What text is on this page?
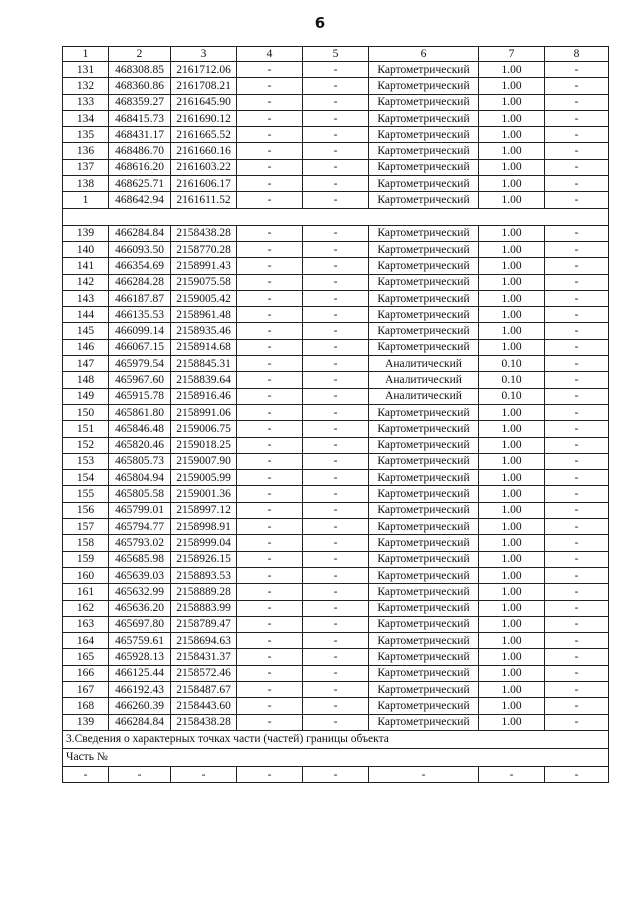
6
1	2	3	4	5	6	7	8
131	468308.85	2161712.06	-	-	Картометрический	1.00	-
132	468360.86	2161708.21	-	-	Картометрический	1.00	-
133	468359.27	2161645.90	-	-	Картометрический	1.00	-
134	468415.73	2161690.12	-	-	Картометрический	1.00	-
135	468431.17	2161665.52	-	-	Картометрический	1.00	-
136	468486.70	2161660.16	-	-	Картометрический	1.00	-
137	468616.20	2161603.22	-	-	Картометрический	1.00	-
138	468625.71	2161606.17	-	-	Картометрический	1.00	-
1	468642.94	2161611.52	-	-	Картометрический	1.00	-

139	466284.84	2158438.28	-	-	Картометрический	1.00	-
140	466093.50	2158770.28	-	-	Картометрический	1.00	-
141	466354.69	2158991.43	-	-	Картометрический	1.00	-
142	466284.28	2159075.58	-	-	Картометрический	1.00	-
143	466187.87	2159005.42	-	-	Картометрический	1.00	-
144	466135.53	2158961.48	-	-	Картометрический	1.00	-
145	466099.14	2158935.46	-	-	Картометрический	1.00	-
146	466067.15	2158914.68	-	-	Картометрический	1.00	-
147	465979.54	2158845.31	-	-	Аналитический	0.10	-
148	465967.60	2158839.64	-	-	Аналитический	0.10	-
149	465915.78	2158916.46	-	-	Аналитический	0.10	-
150	465861.80	2158991.06	-	-	Картометрический	1.00	-
151	465846.48	2159006.75	-	-	Картометрический	1.00	-
152	465820.46	2159018.25	-	-	Картометрический	1.00	-
153	465805.73	2159007.90	-	-	Картометрический	1.00	-
154	465804.94	2159005.99	-	-	Картометрический	1.00	-
155	465805.58	2159001.36	-	-	Картометрический	1.00	-
156	465799.01	2158997.12	-	-	Картометрический	1.00	-
157	465794.77	2158998.91	-	-	Картометрический	1.00	-
158	465793.02	2158999.04	-	-	Картометрический	1.00	-
159	465685.98	2158926.15	-	-	Картометрический	1.00	-
160	465639.03	2158893.53	-	-	Картометрический	1.00	-
161	465632.99	2158889.28	-	-	Картометрический	1.00	-
162	465636.20	2158883.99	-	-	Картометрический	1.00	-
163	465697.80	2158789.47	-	-	Картометрический	1.00	-
164	465759.61	2158694.63	-	-	Картометрический	1.00	-
165	465928.13	2158431.37	-	-	Картометрический	1.00	-
166	466125.44	2158572.46	-	-	Картометрический	1.00	-
167	466192.43	2158487.67	-	-	Картометрический	1.00	-
168	466260.39	2158443.60	-	-	Картометрический	1.00	-
139	466284.84	2158438.28	-	-	Картометрический	1.00	-
3.Сведения о характерных точках части (частей) границы объекта							
Часть №							
-	-	-	-	-	-	-	-
